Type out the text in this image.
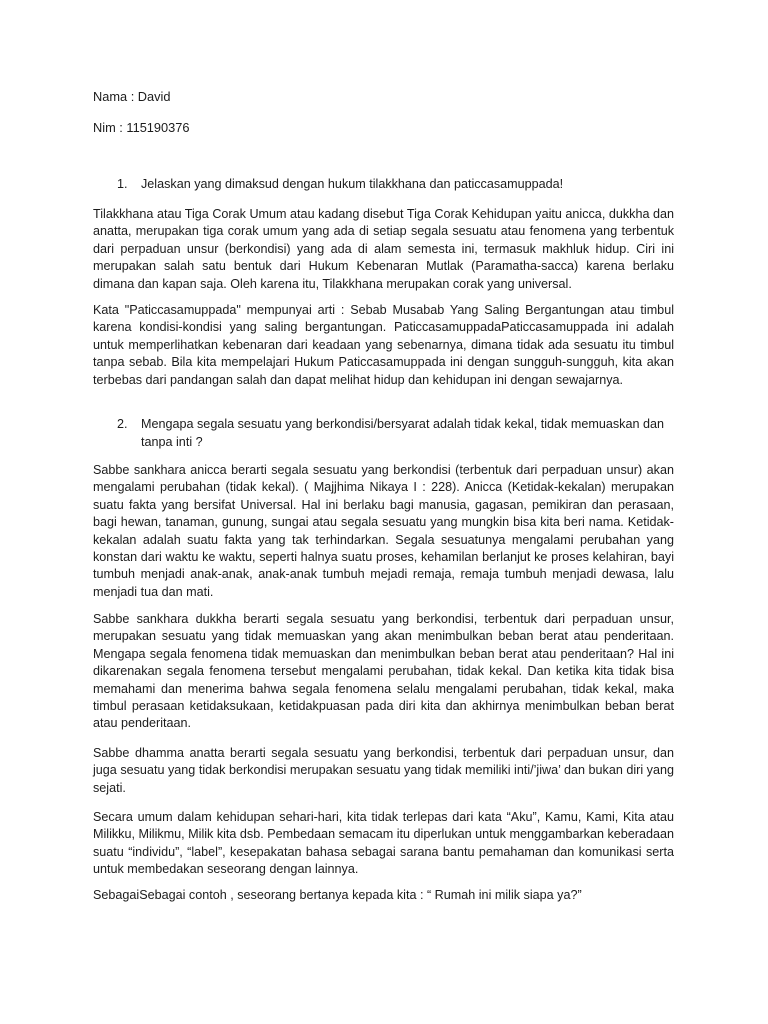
Nama : David
Nim : 115190376
1.	Jelaskan yang dimaksud dengan hukum tilakkhana dan paticcasamuppada!
Tilakkhana atau Tiga Corak Umum atau kadang disebut Tiga Corak Kehidupan yaitu anicca, dukkha dan anatta, merupakan tiga corak umum yang ada di setiap segala sesuatu atau fenomena yang terbentuk dari perpaduan unsur (berkondisi) yang ada di alam semesta ini, termasuk makhluk hidup. Ciri ini merupakan salah satu bentuk dari Hukum Kebenaran Mutlak (Paramatha-sacca) karena berlaku dimana dan kapan saja. Oleh karena itu, Tilakkhana merupakan corak yang universal.
Kata "Paticcasamuppada" mempunyai arti : Sebab Musabab Yang Saling Bergantungan atau timbul karena kondisi-kondisi yang saling bergantungan. PaticcasamuppadaPaticcasamuppada ini adalah untuk memperlihatkan kebenaran dari keadaan yang sebenarnya, dimana tidak ada sesuatu itu timbul tanpa sebab. Bila kita mempelajari Hukum Paticcasamuppada ini dengan sungguh-sungguh, kita akan terbebas dari pandangan salah dan dapat melihat hidup dan kehidupan ini dengan sewajarnya.
2.	Mengapa segala sesuatu yang berkondisi/bersyarat adalah tidak kekal, tidak memuaskan dan tanpa inti ?
Sabbe sankhara anicca berarti segala sesuatu yang berkondisi (terbentuk dari perpaduan unsur) akan mengalami perubahan (tidak kekal). ( Majjhima Nikaya I : 228). Anicca (Ketidak-kekalan) merupakan suatu fakta yang bersifat Universal. Hal ini berlaku bagi manusia, gagasan, pemikiran dan perasaan, bagi hewan, tanaman, gunung, sungai atau segala sesuatu yang mungkin bisa kita beri nama. Ketidak-kekalan adalah suatu fakta yang tak terhindarkan. Segala sesuatunya mengalami perubahan yang konstan dari waktu ke waktu, seperti halnya suatu proses, kehamilan berlanjut ke proses kelahiran, bayi tumbuh menjadi anak-anak, anak-anak tumbuh mejadi remaja, remaja tumbuh menjadi dewasa, lalu menjadi tua dan mati.
Sabbe sankhara dukkha berarti segala sesuatu yang berkondisi, terbentuk dari perpaduan unsur, merupakan sesuatu yang tidak memuaskan yang akan menimbulkan beban berat atau penderitaan. Mengapa segala fenomena tidak memuaskan dan menimbulkan beban berat atau penderitaan? Hal ini dikarenakan segala fenomena tersebut mengalami perubahan, tidak kekal. Dan ketika kita tidak bisa memahami dan menerima bahwa segala fenomena selalu mengalami perubahan, tidak kekal, maka timbul perasaan ketidaksukaan, ketidakpuasan pada diri kita dan akhirnya menimbulkan beban berat atau penderitaan.
Sabbe dhamma anatta berarti segala sesuatu yang berkondisi, terbentuk dari perpaduan unsur, dan juga sesuatu yang tidak berkondisi merupakan sesuatu yang tidak memiliki inti/’jiwa’ dan bukan diri yang sejati.
Secara umum dalam kehidupan sehari-hari, kita tidak terlepas dari kata “Aku”, Kamu, Kami, Kita atau Milikku, Milikmu, Milik kita dsb. Pembedaan semacam itu diperlukan untuk menggambarkan keberadaan suatu “individu”, “label”, kesepakatan bahasa sebagai sarana bantu pemahaman dan komunikasi serta untuk membedakan seseorang dengan lainnya.
SebagaiSebagai contoh , seseorang bertanya kepada kita : “ Rumah ini milik siapa ya?”
